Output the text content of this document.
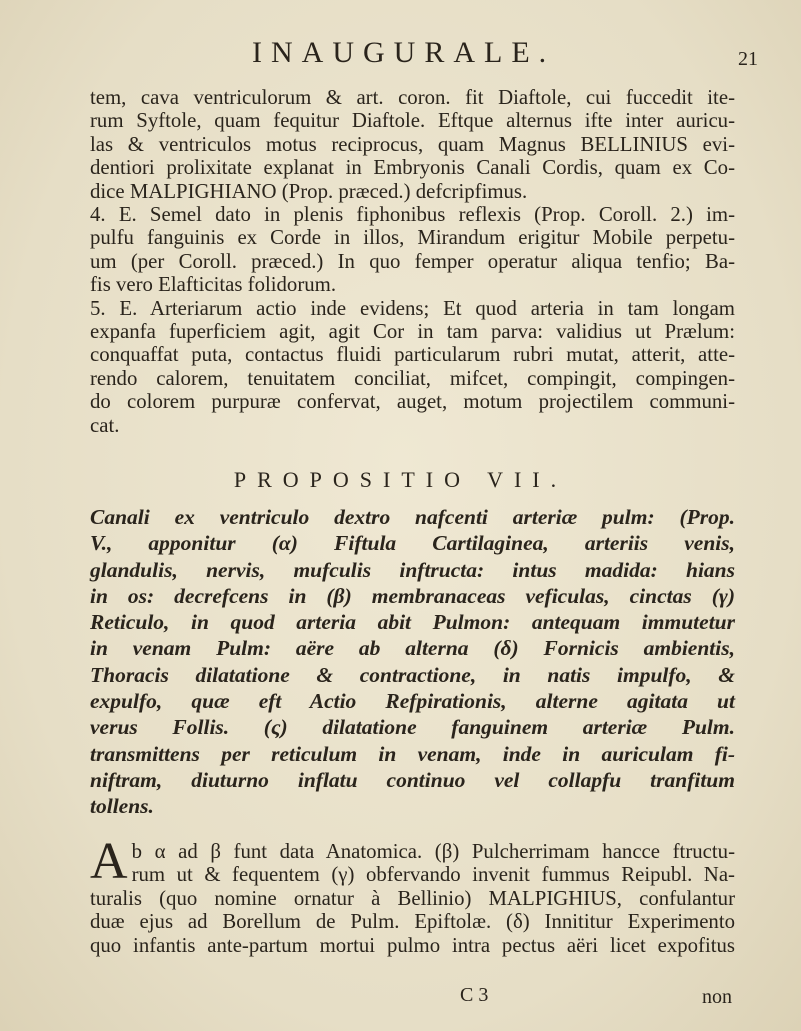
INAUGURALE.	21
tem, cava ventriculorum & art. coron. fit Diaftole, cui fuccedit ite-
rum Syftole, quam fequitur Diaftole. Eftque alternus ifte inter auricu-
las & ventriculos motus reciprocus, quam Magnus BELLINIUS evi-
dentiori prolixitate explanat in Embryonis Canali Cordis, quam ex Co-
dice MALPIGHIANO (Prop. præced.) defcripfimus.
4. E. Semel dato in plenis fiphonibus reflexis (Prop. Coroll. 2.) im-
pulfu fanguinis ex Corde in illos, Mirandum erigitur Mobile perpetu-
um (per Coroll. præced.) In quo femper operatur aliqua tenfio; Ba-
fis vero Elafticitas folidorum.
5. E. Arteriarum actio inde evidens; Et quod arteria in tam longam
expanfa fuperficiem agit, agit Cor in tam parva: validius ut Prælum:
conquaffat puta, contactus fluidi particularum rubri mutat, atterit, atte-
rendo calorem, tenuitatem conciliat, mifcet, compingit, compingen-
do colorem purpuræ confervat, auget, motum projectilem communi-
cat.
PROPOSITIO VII.
Canali ex ventriculo dextro nafcenti arteriæ pulm: (Prop.
V., apponitur (α) Fiftula Cartilaginea, arteriis venis,
glandulis, nervis, mufculis inftructa: intus madida: hians
in os: decrefcens in (β) membranaceas veficulas, cinctas (γ)
Reticulo, in quod arteria abit Pulmon: antequam immutetur
in venam Pulm: aëre ab alterna (δ) Fornicis ambientis,
Thoracis dilatatione & contractione, in natis impulfo, &
expulfo, quæ eft Actio Refpirationis, alterne agitata ut
verus Follis. (ς) dilatatione fanguinem arteriæ Pulm.
transmittens per reticulum in venam, inde in auriculam fi-
niftram, diuturno inflatu continuo vel collapfu tranfitum
tollens.
A b α ad β funt data Anatomica. (β) Pulcherrimam hancce ftructu-
rum ut & fequentem (γ) obfervando invenit fummus Reipubl. Na-
turalis (quo nomine ornatur à Bellinio) MALPIGHIUS, confulantur
duæ ejus ad Borellum de Pulm. Epiftolæ. (δ) Innititur Experimento
quo infantis ante-partum mortui pulmo intra pectus aëri licet expofitus
C 3	non
